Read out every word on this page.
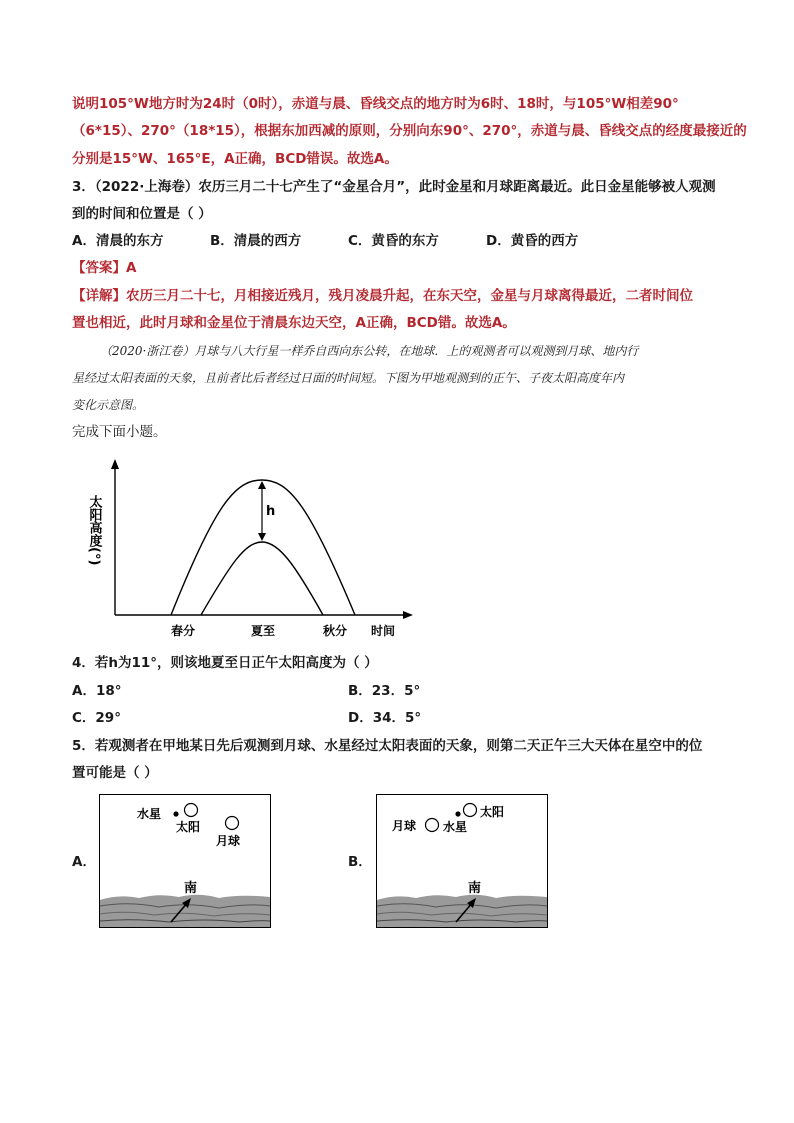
说明105°W地方时为24时（0时），赤道与晨、昏线交点的地方时为6时、18时，与105°W相差90°
（6*15）、270°（18*15），根据东加西减的原则，分别向东90°、270°，赤道与晨、昏线交点的经度最接近的
分别是15°W、165°E，A正确，BCD错误。故选A。
3．（2022·上海卷）农历三月二十七产生了“金星合月”，此时金星和月球距离最近。此日金星能够被人观测
到的时间和位置是（ ）
A．清晨的东方	B．清晨的西方	C．黄昏的东方	D．黄昏的西方
【答案】A
【详解】农历三月二十七，月相接近残月，残月凌晨升起，在东天空，金星与月球离得最近，二者时间位
置也相近，此时月球和金星位于清晨东边天空，A正确，BCD错。故选A。
（2020·浙江卷）月球与八大行星一样乔自西向东公转，在地球．上的观测者可以观测到月球、地内行
星经过太阳表面的天象，且前者比后者经过日面的时间短。下图为甲地观测到的正午、子夜太阳高度年内
变化示意图。
完成下面小题。
h
太阳高度(°)
春分	夏至	秋分 时间
4．若h为11°，则该地夏至日正午太阳高度为（ ）
A．18°	B．23．5°
C．29°	D．34．5°
5．若观测者在甲地某日先后观测到月球、水星经过太阳表面的天象，则第二天正午三大天体在星空中的位
置可能是（ ）
A．	B．
水星
太阳
月球
南
太阳
月球 水星
南
